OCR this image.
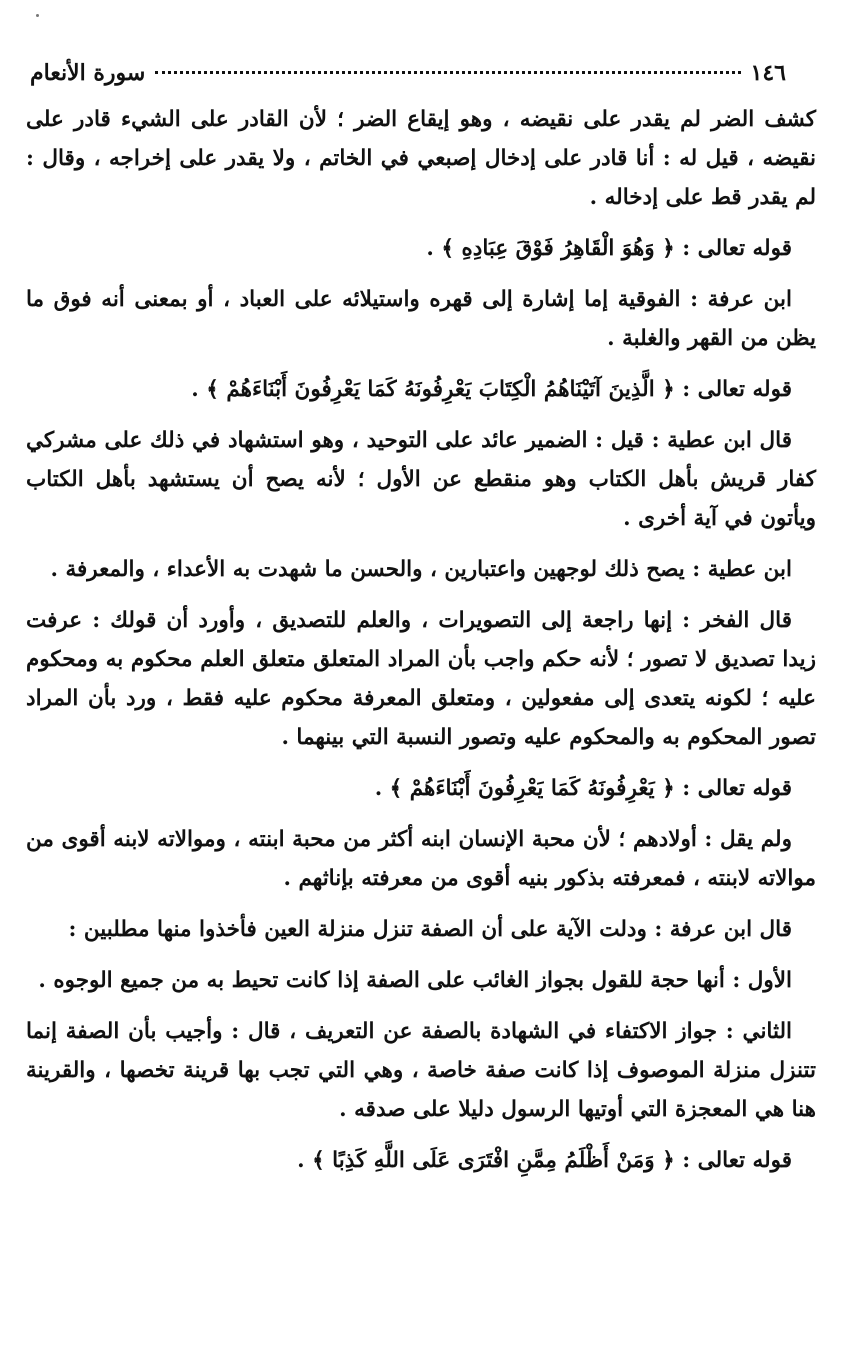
١٤٦
سورة الأنعام

كشف الضر لم يقدر على نقيضه ، وهو إيقاع الضر ؛ لأن القادر على الشيء قادر على نقيضه ، قيل له : أنا قادر على إدخال إصبعي في الخاتم ، ولا يقدر على إخراجه ، وقال : لم يقدر قط على إدخاله .

قوله تعالى : ﴿ وَهُوَ الْقَاهِرُ فَوْقَ عِبَادِهِ ﴾ .

ابن عرفة : الفوقية إما إشارة إلى قهره واستيلائه على العباد ، أو بمعنى أنه فوق ما يظن من القهر والغلبة .

قوله تعالى : ﴿ الَّذِينَ آتَيْنَاهُمُ الْكِتَابَ يَعْرِفُونَهُ كَمَا يَعْرِفُونَ أَبْنَاءَهُمْ ﴾ .

قال ابن عطية : قيل : الضمير عائد على التوحيد ، وهو استشهاد في ذلك على مشركي كفار قريش بأهل الكتاب وهو منقطع عن الأول ؛ لأنه يصح أن يستشهد بأهل الكتاب ويأتون في آية أخرى .

ابن عطية : يصح ذلك لوجهين واعتبارين ، والحسن ما شهدت به الأعداء ، والمعرفة .

قال الفخر : إنها راجعة إلى التصويرات ، والعلم للتصديق ، وأورد أن قولك : عرفت زيدا تصديق لا تصور ؛ لأنه حكم واجب بأن المراد المتعلق متعلق العلم محكوم به ومحكوم عليه ؛ لكونه يتعدى إلى مفعولين ، ومتعلق المعرفة محكوم عليه فقط ، ورد بأن المراد تصور المحكوم به والمحكوم عليه وتصور النسبة التي بينهما .

قوله تعالى : ﴿ يَعْرِفُونَهُ كَمَا يَعْرِفُونَ أَبْنَاءَهُمْ ﴾ .

ولم يقل : أولادهم ؛ لأن محبة الإنسان ابنه أكثر من محبة ابنته ، وموالاته لابنه أقوى من موالاته لابنته ، فمعرفته بذكور بنيه أقوى من معرفته بإناثهم .

قال ابن عرفة : ودلت الآية على أن الصفة تنزل منزلة العين فأخذوا منها مطلبين :

الأول : أنها حجة للقول بجواز الغائب على الصفة إذا كانت تحيط به من جميع الوجوه .

الثاني : جواز الاكتفاء في الشهادة بالصفة عن التعريف ، قال : وأجيب بأن الصفة إنما تتنزل منزلة الموصوف إذا كانت صفة خاصة ، وهي التي تجب بها قرينة تخصها ، والقرينة هنا هي المعجزة التي أوتيها الرسول دليلا على صدقه .

قوله تعالى : ﴿ وَمَنْ أَظْلَمُ مِمَّنِ افْتَرَى عَلَى اللَّهِ كَذِبًا ﴾ .
